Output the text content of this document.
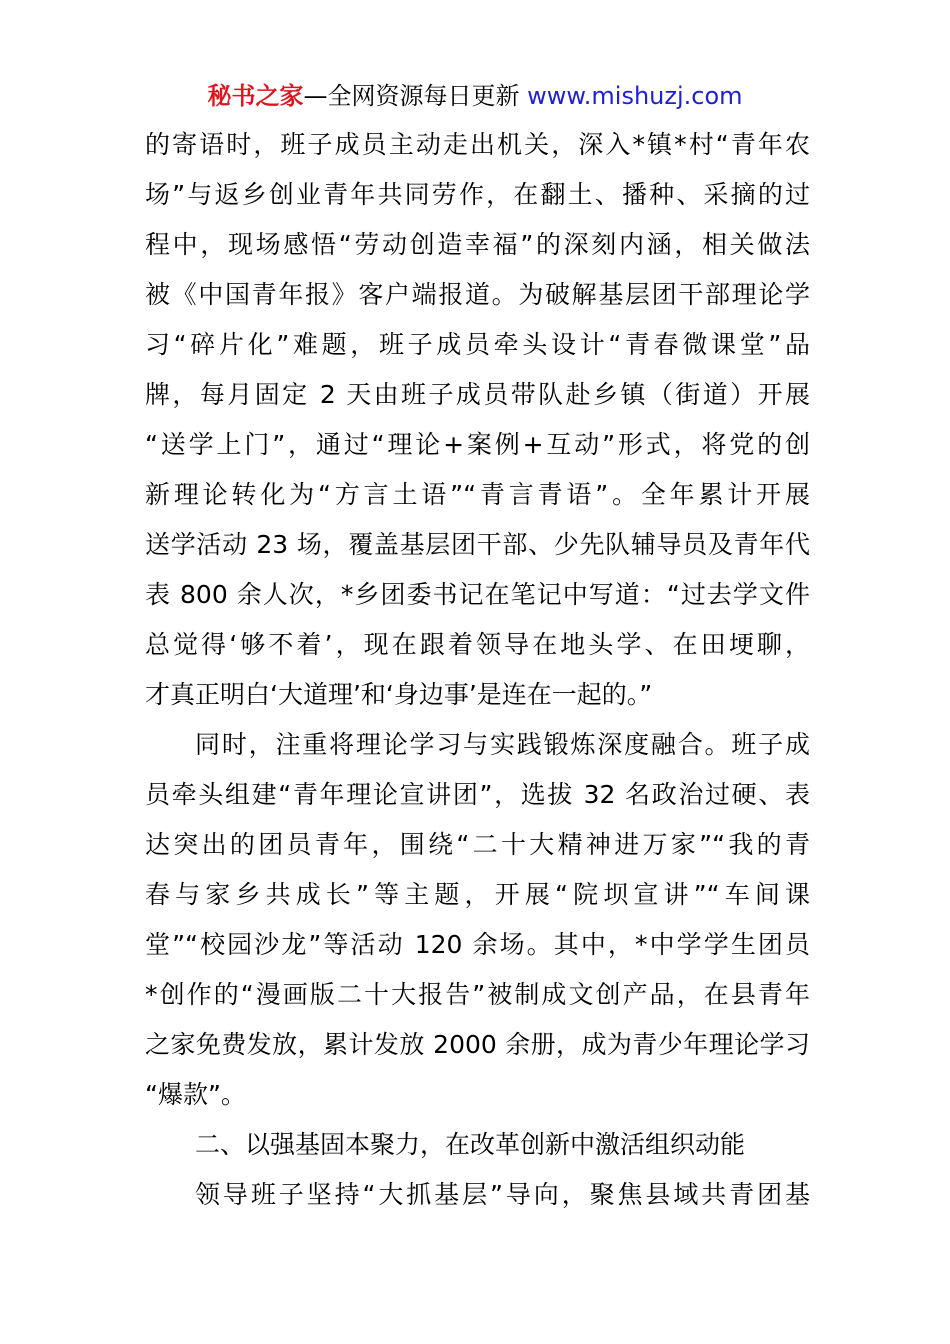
秘书之家—全网资源每日更新 www.mishuzj.com
的寄语时，班子成员主动走出机关，深入*镇*村“青年农
场”与返乡创业青年共同劳作，在翻土、播种、采摘的过
程中，现场感悟“劳动创造幸福”的深刻内涵，相关做法
被《中国青年报》客户端报道。为破解基层团干部理论学
习“碎片化”难题，班子成员牵头设计“青春微课堂”品
牌，每月固定 2 天由班子成员带队赴乡镇（街道）开展
“送学上门”，通过“理论+案例+互动”形式，将党的创
新理论转化为“方言土语”“青言青语”。全年累计开展
送学活动 23 场，覆盖基层团干部、少先队辅导员及青年代
表 800 余人次，*乡团委书记在笔记中写道：“过去学文件
总觉得‘够不着’，现在跟着领导在地头学、在田埂聊，
才真正明白‘大道理’和‘身边事’是连在一起的。”
同时，注重将理论学习与实践锻炼深度融合。班子成
员牵头组建“青年理论宣讲团”，选拔 32 名政治过硬、表
达突出的团员青年，围绕“二十大精神进万家”“我的青
春与家乡共成长”等主题，开展“院坝宣讲”“车间课
堂”“校园沙龙”等活动 120 余场。其中，*中学学生团员
*创作的“漫画版二十大报告”被制成文创产品，在县青年
之家免费发放，累计发放 2000 余册，成为青少年理论学习
“爆款”。
二、以强基固本聚力，在改革创新中激活组织动能
领导班子坚持“大抓基层”导向，聚焦县域共青团基
